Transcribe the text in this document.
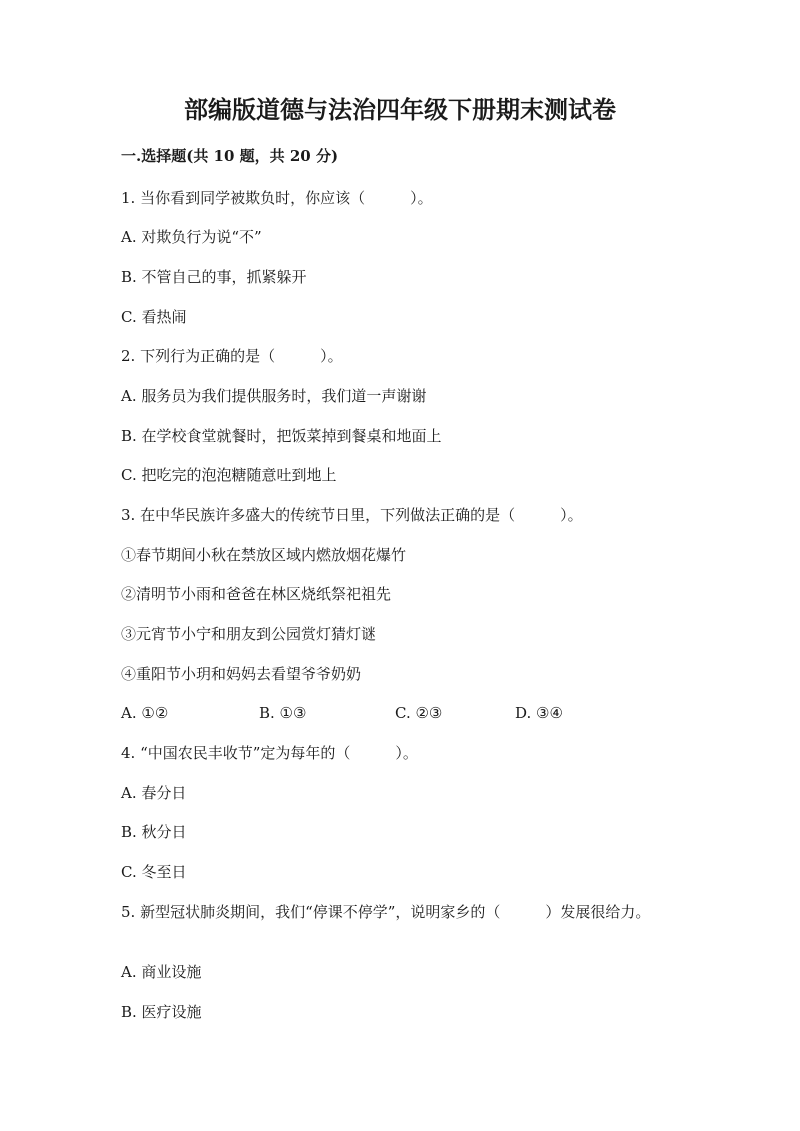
部编版道德与法治四年级下册期末测试卷
一.选择题(共 10 题，共 20 分)

1. 当你看到同学被欺负时，你应该（　　　）。

A. 对欺负行为说“不”

B. 不管自己的事，抓紧躲开

C. 看热闹

2. 下列行为正确的是（　　　）。

A. 服务员为我们提供服务时，我们道一声谢谢

B. 在学校食堂就餐时，把饭菜掉到餐桌和地面上

C. 把吃完的泡泡糖随意吐到地上

3. 在中华民族许多盛大的传统节日里，下列做法正确的是（　　　）。

①春节期间小秋在禁放区域内燃放烟花爆竹

②清明节小雨和爸爸在林区烧纸祭祀祖先

③元宵节小宁和朋友到公园赏灯猜灯谜

④重阳节小玥和妈妈去看望爷爷奶奶

A. ①②	B. ①③	C. ②③	D. ③④

4. “中国农民丰收节”定为每年的（　　　）。

A. 春分日

B. 秋分日

C. 冬至日

5. 新型冠状肺炎期间，我们“停课不停学”，说明家乡的（　　　）发展很给力。

A. 商业设施

B. 医疗设施
